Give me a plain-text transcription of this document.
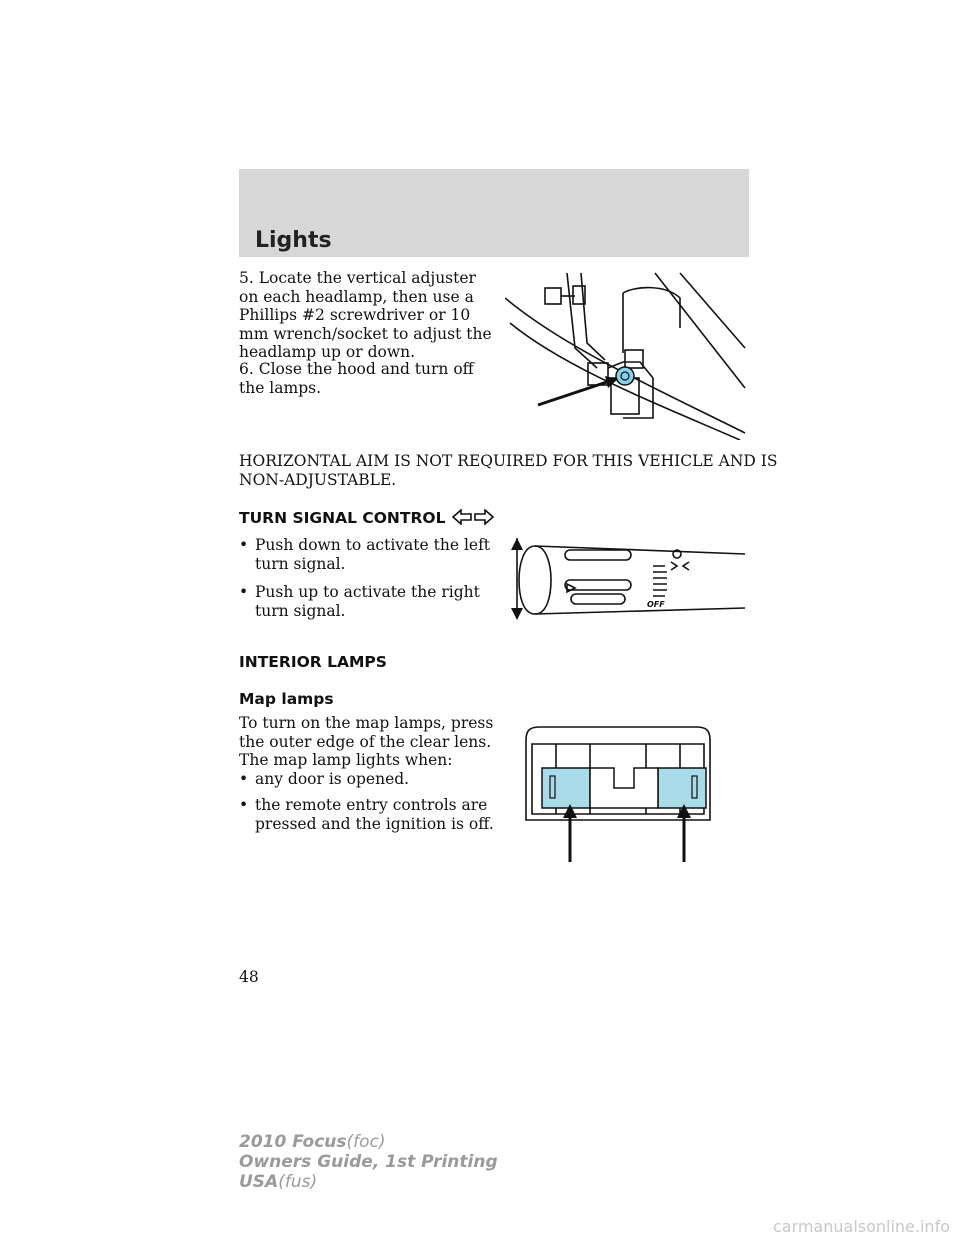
Lights
5. Locate the vertical adjuster on each headlamp, then use a Phillips #2 screwdriver or 10 mm wrench/socket to adjust the headlamp up or down.
6. Close the hood and turn off the lamps.
HORIZONTAL AIM IS NOT REQUIRED FOR THIS VEHICLE AND IS NON-ADJUSTABLE.
TURN SIGNAL CONTROL
• Push down to activate the left turn signal.
• Push up to activate the right turn signal.	OFF
INTERIOR LAMPS
Map lamps
To turn on the map lamps, press the outer edge of the clear lens. The map lamp lights when:
• any door is opened.
• the remote entry controls are pressed and the ignition is off.
48
2010 Focus(foc)
Owners Guide, 1st Printing
USA(fus)
carmanualsonline.info
